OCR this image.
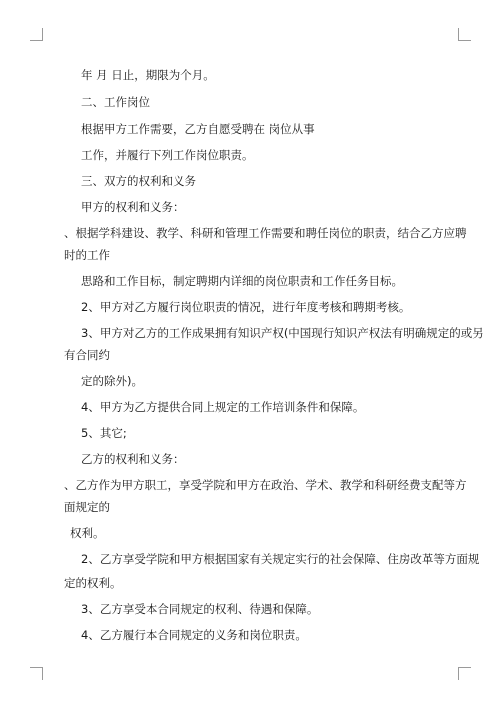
年 月 日止，期限为个月。
二、工作岗位
根据甲方工作需要，乙方自愿受聘在 岗位从事
工作，并履行下列工作岗位职责。
三、双方的权利和义务
甲方的权利和义务：
、根据学科建设、教学、科研和管理工作需要和聘任岗位的职责，结合乙方应聘
时的工作
思路和工作目标，制定聘期内详细的岗位职责和工作任务目标。
2、甲方对乙方履行岗位职责的情况，进行年度考核和聘期考核。
3、甲方对乙方的工作成果拥有知识产权(中国现行知识产权法有明确规定的或另
有合同约
定的除外)。
4、甲方为乙方提供合同上规定的工作培训条件和保障。
5、其它;
乙方的权利和义务：
、乙方作为甲方职工，享受学院和甲方在政治、学术、教学和科研经费支配等方
面规定的
权利。
2、乙方享受学院和甲方根据国家有关规定实行的社会保障、住房改革等方面规
定的权利。
3、乙方享受本合同规定的权利、待遇和保障。
4、乙方履行本合同规定的义务和岗位职责。
